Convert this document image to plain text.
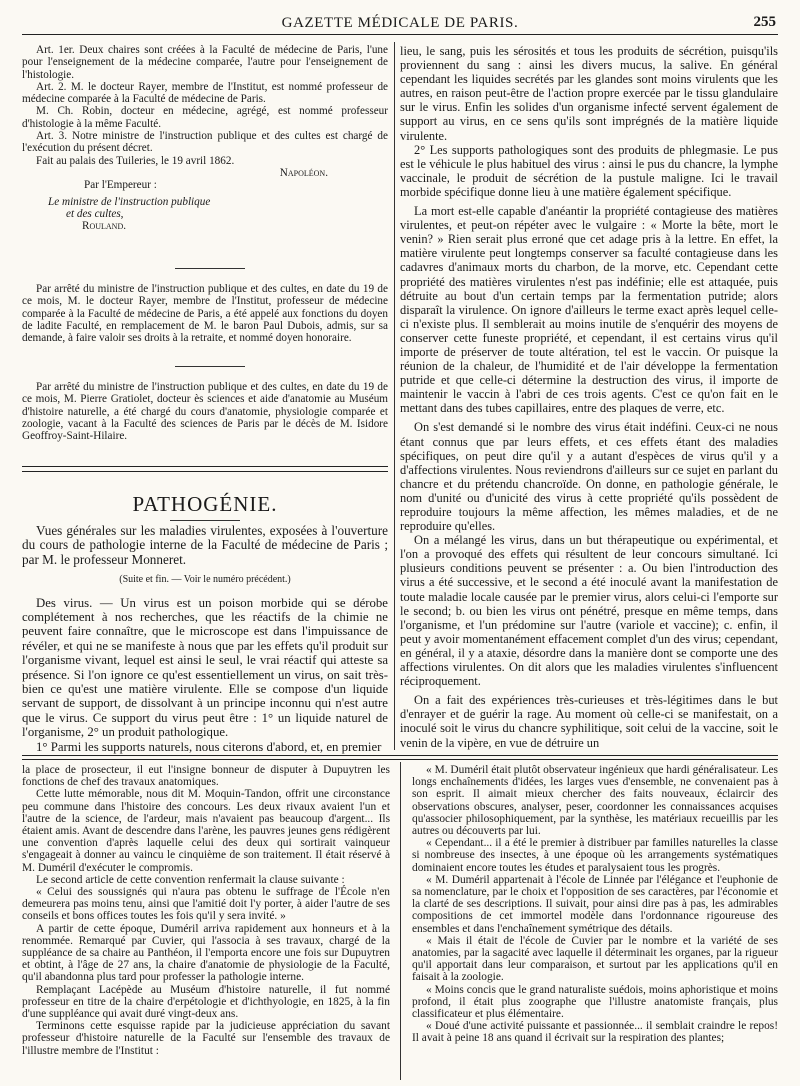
GAZETTE MÉDICALE DE PARIS.	255

Art. 1er. Deux chaires sont créées à la Faculté de médecine de Paris, l'une pour l'enseignement de la médecine comparée, l'autre pour l'enseignement de l'histologie.

Art. 2. M. le docteur Rayer, membre de l'Institut, est nommé professeur de médecine comparée à la Faculté de médecine de Paris.

M. Ch. Robin, docteur en médecine, agrégé, est nommé professeur d'histologie à la même Faculté.

Art. 3. Notre ministre de l'instruction publique et des cultes est chargé de l'exécution du présent décret.

Fait au palais des Tuileries, le 19 avril 1862.

Napoléon.

Par l'Empereur :

Le ministre de l'instruction publique

et des cultes,

Rouland.

Par arrêté du ministre de l'instruction publique et des cultes, en date du 19 de ce mois, M. le docteur Rayer, membre de l'Institut, professeur de médecine comparée à la Faculté de médecine de Paris, a été appelé aux fonctions du doyen de ladite Faculté, en remplacement de M. le baron Paul Dubois, admis, sur sa demande, à faire valoir ses droits à la retraite, et nommé doyen honoraire.

Par arrêté du ministre de l'instruction publique et des cultes, en date du 19 de ce mois, M. Pierre Gratiolet, docteur ès sciences et aide d'anatomie au Muséum d'histoire naturelle, a été chargé du cours d'anatomie, physiologie comparée et zoologie, vacant à la Faculté des sciences de Paris par le décès de M. Isidore Geoffroy-Saint-Hilaire.

PATHOGÉNIE.

Vues générales sur les maladies virulentes, exposées à l'ouverture du cours de pathologie interne de la Faculté de médecine de Paris ; par M. le professeur Monneret.

(Suite et fin. — Voir le numéro précédent.)

Des virus. — Un virus est un poison morbide qui se dérobe complétement à nos recherches, que les réactifs de la chimie ne peuvent faire connaître, que le microscope est dans l'impuissance de révéler, et qui ne se manifeste à nous que par les effets qu'il produit sur l'organisme vivant, lequel est ainsi le seul, le vrai réactif qui atteste sa présence. Si l'on ignore ce qu'est essentiellement un virus, on sait très-bien ce qu'est une matière virulente. Elle se compose d'un liquide servant de support, de dissolvant à un principe inconnu qui n'est autre que le virus. Ce support du virus peut être : 1° un liquide naturel de l'organisme, 2° un produit pathologique.

1° Parmi les supports naturels, nous citerons d'abord, et, en premier

lieu, le sang, puis les sérosités et tous les produits de sécrétion, puisqu'ils proviennent du sang : ainsi les divers mucus, la salive. En général cependant les liquides secrétés par les glandes sont moins virulents que les autres, en raison peut-être de l'action propre exercée par le tissu glandulaire sur le virus. Enfin les solides d'un organisme infecté servent également de support au virus, en ce sens qu'ils sont imprégnés de la matière liquide virulente.

2° Les supports pathologiques sont des produits de phlegmasie. Le pus est le véhicule le plus habituel des virus : ainsi le pus du chancre, la lymphe vaccinale, le produit de sécrétion de la pustule maligne. Ici le travail morbide spécifique donne lieu à une matière également spécifique.

La mort est-elle capable d'anéantir la propriété contagieuse des matières virulentes, et peut-on répéter avec le vulgaire : « Morte la bête, mort le venin? » Rien serait plus erroné que cet adage pris à la lettre. En effet, la matière virulente peut longtemps conserver sa faculté contagieuse dans les cadavres d'animaux morts du charbon, de la morve, etc. Cependant cette propriété des matières virulentes n'est pas indéfinie; elle est attaquée, puis détruite au bout d'un certain temps par la fermentation putride; alors disparaît la virulence. On ignore d'ailleurs le terme exact après lequel celle-ci n'existe plus. Il semblerait au moins inutile de s'enquérir des moyens de conserver cette funeste propriété, et cependant, il est certains virus qu'il importe de préserver de toute altération, tel est le vaccin. Or puisque la réunion de la chaleur, de l'humidité et de l'air développe la fermentation putride et que celle-ci détermine la destruction des virus, il importe de maintenir le vaccin à l'abri de ces trois agents. C'est ce qu'on fait en le mettant dans des tubes capillaires, entre des plaques de verre, etc.

On s'est demandé si le nombre des virus était indéfini. Ceux-ci ne nous étant connus que par leurs effets, et ces effets étant des maladies spécifiques, on peut dire qu'il y a autant d'espèces de virus qu'il y a d'affections virulentes. Nous reviendrons d'ailleurs sur ce sujet en parlant du chancre et du prétendu chancroïde. On donne, en pathologie générale, le nom d'unité ou d'unicité des virus à cette propriété qu'ils possèdent de reproduire toujours la même affection, les mêmes maladies, et de ne reproduire qu'elles.

On a mélangé les virus, dans un but thérapeutique ou expérimental, et l'on a provoqué des effets qui résultent de leur concours simultané. Ici plusieurs conditions peuvent se présenter : a. Ou bien l'introduction des virus a été successive, et le second a été inoculé avant la manifestation de toute maladie locale causée par le premier virus, alors celui-ci l'emporte sur le second; b. ou bien les virus ont pénétré, presque en même temps, dans l'organisme, et l'un prédomine sur l'autre (variole et vaccine); c. enfin, il peut y avoir momentanément effacement complet d'un des virus; cependant, en général, il y a ataxie, désordre dans la manière dont se comporte une des affections virulentes. On dit alors que les maladies virulentes s'influencent réciproquement.

On a fait des expériences très-curieuses et très-légitimes dans le but d'enrayer et de guérir la rage. Au moment où celle-ci se manifestait, on a inoculé soit le virus du chancre syphilitique, soit celui de la vaccine, soit le venin de la vipère, en vue de détruire un

la place de prosecteur, il eut l'insigne bonneur de disputer à Dupuytren les fonctions de chef des travaux anatomiques.

Cette lutte mémorable, nous dit M. Moquin-Tandon, offrit une circonstance peu commune dans l'histoire des concours. Les deux rivaux avaient l'un et l'autre de la science, de l'ardeur, mais n'avaient pas beaucoup d'argent... Ils étaient amis. Avant de descendre dans l'arène, les pauvres jeunes gens rédigèrent une convention d'après laquelle celui des deux qui sortirait vainqueur s'engageait à donner au vaincu le cinquième de son traitement. Il était réservé à M. Duméril d'exécuter le compromis.

Le second article de cette convention renfermait la clause suivante :

« Celui des soussignés qui n'aura pas obtenu le suffrage de l'École n'en demeurera pas moins tenu, ainsi que l'amitié doit l'y porter, à aider l'autre de ses conseils et bons offices toutes les fois qu'il y sera invité. »

A partir de cette époque, Duméril arriva rapidement aux honneurs et à la renommée. Remarqué par Cuvier, qui l'associa à ses travaux, chargé de la suppléance de sa chaire au Panthéon, il l'emporta encore une fois sur Dupuytren et obtint, à l'âge de 27 ans, la chaire d'anatomie de physiologie de la Faculté, qu'il abandonna plus tard pour professer la pathologie interne.

Remplaçant Lacépède au Muséum d'histoire naturelle, il fut nommé professeur en titre de la chaire d'erpétologie et d'ichthyologie, en 1825, à la fin d'une suppléance qui avait duré vingt-deux ans.

Terminons cette esquisse rapide par la judicieuse appréciation du savant professeur d'histoire naturelle de la Faculté sur l'ensemble des travaux de l'illustre membre de l'Institut :

« M. Duméril était plutôt observateur ingénieux que hardi généralisateur. Les longs enchaînements d'idées, les larges vues d'ensemble, ne convenaient pas à son esprit. Il aimait mieux chercher des faits nouveaux, éclaircir des observations obscures, analyser, peser, coordonner les connaissances acquises qu'associer philosophiquement, par la synthèse, les matériaux recueillis par les autres ou découverts par lui.

« Cependant... il a été le premier à distribuer par familles naturelles la classe si nombreuse des insectes, à une époque où les arrangements systématiques dominaient encore toutes les études et paralysaient tous les progrès.

« M. Duméril appartenait à l'école de Linnée par l'élégance et l'euphonie de sa nomenclature, par le choix et l'opposition de ses caractères, par l'économie et la clarté de ses descriptions. Il suivait, pour ainsi dire pas à pas, les admirables compositions de cet immortel modèle dans l'ordonnance rigoureuse des ensembles et dans l'enchaînement symétrique des détails.

« Mais il était de l'école de Cuvier par le nombre et la variété de ses anatomies, par la sagacité avec laquelle il déterminait les organes, par la rigueur qu'il apportait dans leur comparaison, et surtout par les applications qu'il en faisait à la zoologie.

« Moins concis que le grand naturaliste suédois, moins aphoristique et moins profond, il était plus zoographe que l'illustre anatomiste français, plus classificateur et plus élémentaire.

« Doué d'une activité puissante et passionnée... il semblait craindre le repos! Il avait à peine 18 ans quand il écrivait sur la respiration des plantes;
